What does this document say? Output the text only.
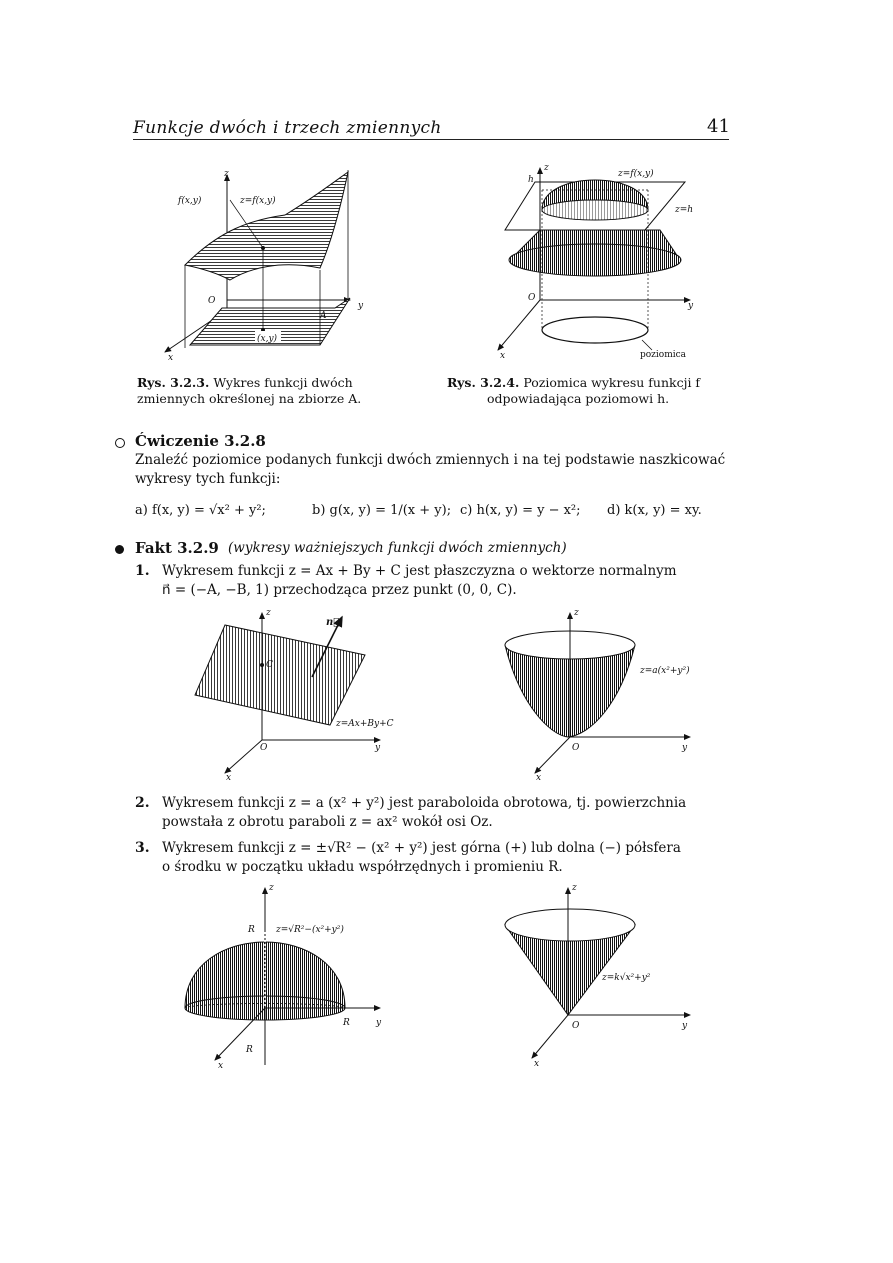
Funkcje dwóch i trzech zmiennych	41
(x,y)
z
f(x,y)	z=f(x,y)
O	y
x
A
z
h
z=f(x,y)
z=h
O
y
x	poziomica
Rys. 3.2.3. Wykres funkcji dwóch
zmiennych określonej na zbiorze A.
Rys. 3.2.4. Poziomica wykresu funkcji f
odpowiadająca poziomowi h.
Ćwiczenie 3.2.8
Znaleźć poziomice podanych funkcji dwóch zmiennych i na tej podstawie naszkicować
wykresy tych funkcji:
a) f(x, y) = √x² + y²;	b) g(x, y) = 1/(x + y); c) h(x, y) = y − x²; d) k(x, y) = xy.
Fakt 3.2.9 (wykresy ważniejszych funkcji dwóch zmiennych)
1. Wykresem funkcji z = Ax + By + C jest płaszczyzna o wektorze normalnym
n⃗ = (−A, −B, 1) przechodząca przez punkt (0, 0, C).
z
n⃗
C
z=Ax+By+C
O	y
x
z
z=a(x²+y²)
O	y
x
2. Wykresem funkcji z = a (x² + y²) jest paraboloida obrotowa, tj. powierzchnia
powstała z obrotu paraboli z = ax² wokół osi Oz.
3. Wykresem funkcji z = ±√R² − (x² + y²) jest górna (+) lub dolna (−) półsfera
o środku w początku układu współrzędnych i promieniu R.
z
R z=√R²−(x²+y²)
R	y
R
x
z
z=k√x²+y²
O	y
x
